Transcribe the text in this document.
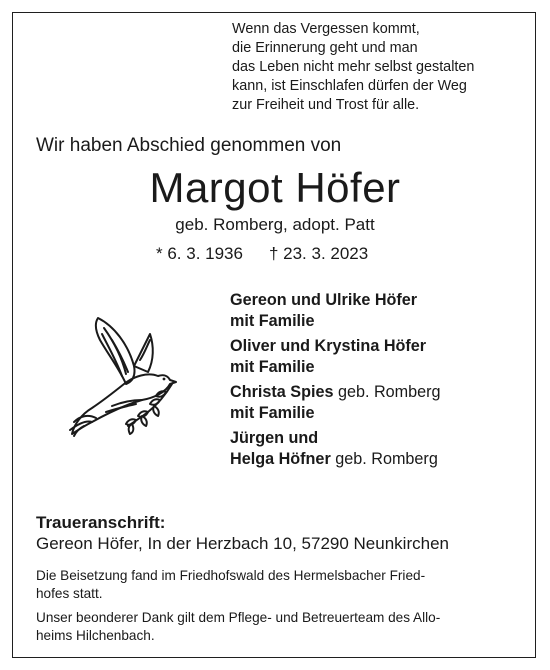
Wenn das Vergessen kommt,
die Erinnerung geht und man
das Leben nicht mehr selbst gestalten
kann, ist Einschlafen dürfen der Weg
zur Freiheit und Trost für alle.
Wir haben Abschied genommen von
Margot Höfer
geb. Romberg, adopt. Patt
* 6. 3. 1936 † 23. 3. 2023
Gereon und Ulrike Höfer
mit Familie
Oliver und Krystina Höfer
mit Familie
Christa Spies geb. Romberg
mit Familie
Jürgen und
Helga Höfner geb. Romberg
Traueranschrift:
Gereon Höfer, In der Herzbach 10, 57290 Neunkirchen
Die Beisetzung fand im Friedhofswald des Hermelsbacher Fried-
hofes statt.
Unser beonderer Dank gilt dem Pflege- und Betreuerteam des Allo-
heims Hilchenbach.
